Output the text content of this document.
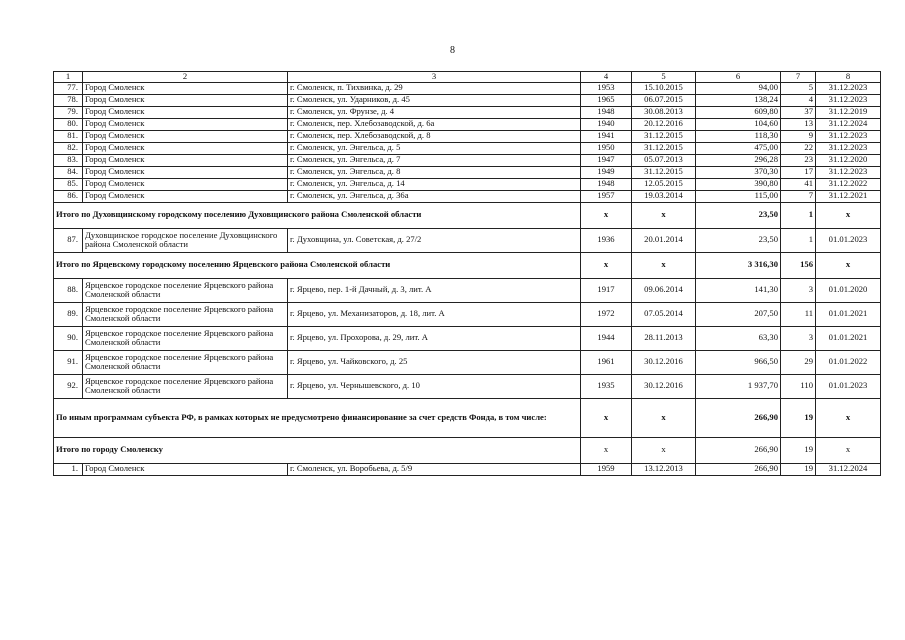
8
1	2	3	4	5	6	7	8
77.	Город Смоленск	г. Смоленск, п. Тихвинка, д. 29	1953	15.10.2015	94,00	5	31.12.2023
78.	Город Смоленск	г. Смоленск, ул. Ударников, д. 45	1965	06.07.2015	138,24	4	31.12.2023
79.	Город Смоленск	г. Смоленск, ул. Фрунзе, д. 4	1948	30.08.2013	609,80	37	31.12.2019
80.	Город Смоленск	г. Смоленск, пер. Хлебозаводской, д. 6а	1940	20.12.2016	104,60	13	31.12.2024
81.	Город Смоленск	г. Смоленск, пер. Хлебозаводской, д. 8	1941	31.12.2015	118,30	9	31.12.2023
82.	Город Смоленск	г. Смоленск, ул. Энгельса, д. 5	1950	31.12.2015	475,00	22	31.12.2023
83.	Город Смоленск	г. Смоленск, ул. Энгельса, д. 7	1947	05.07.2013	296,28	23	31.12.2020
84.	Город Смоленск	г. Смоленск, ул. Энгельса, д. 8	1949	31.12.2015	370,30	17	31.12.2023
85.	Город Смоленск	г. Смоленск, ул. Энгельса, д. 14	1948	12.05.2015	390,80	41	31.12.2022
86.	Город Смоленск	г. Смоленск, ул. Энгельса, д. 36а	1957	19.03.2014	115,00	7	31.12.2021
Итого по Духовщинскому городскому поселению Духовщинского района Смоленской области			x	x	23,50	1	x
87.	Духовщинское городское поселение Духовщинского района Смоленской области	г. Духовщина, ул. Советская, д. 27/2	1936	20.01.2014	23,50	1	01.01.2023
Итого по Ярцевскому городскому поселению Ярцевского района Смоленской области			x	x	3 316,30	156	x
88.	Ярцевское городское поселение Ярцевского района Смоленской области	г. Ярцево, пер. 1-й Дачный, д. 3, лит. А	1917	09.06.2014	141,30	3	01.01.2020
89.	Ярцевское городское поселение Ярцевского района Смоленской области	г. Ярцево, ул. Механизаторов, д. 18, лит. А	1972	07.05.2014	207,50	11	01.01.2021
90.	Ярцевское городское поселение Ярцевского района Смоленской области	г. Ярцево, ул. Прохорова, д. 29, лит. А	1944	28.11.2013	63,30	3	01.01.2021
91.	Ярцевское городское поселение Ярцевского района Смоленской области	г. Ярцево, ул. Чайковского, д. 25	1961	30.12.2016	966,50	29	01.01.2022
92.	Ярцевское городское поселение Ярцевского района Смоленской области	г. Ярцево, ул. Чернышевского, д. 10	1935	30.12.2016	1 937,70	110	01.01.2023
По иным программам субъекта РФ, в рамках которых не предусмотрено финансирование за счет средств Фонда, в том числе:			x	x	266,90	19	x
Итого по городу Смоленску			x	x	266,90	19	x
1.	Город Смоленск	г. Смоленск, ул. Воробьева, д. 5/9	1959	13.12.2013	266,90	19	31.12.2024
